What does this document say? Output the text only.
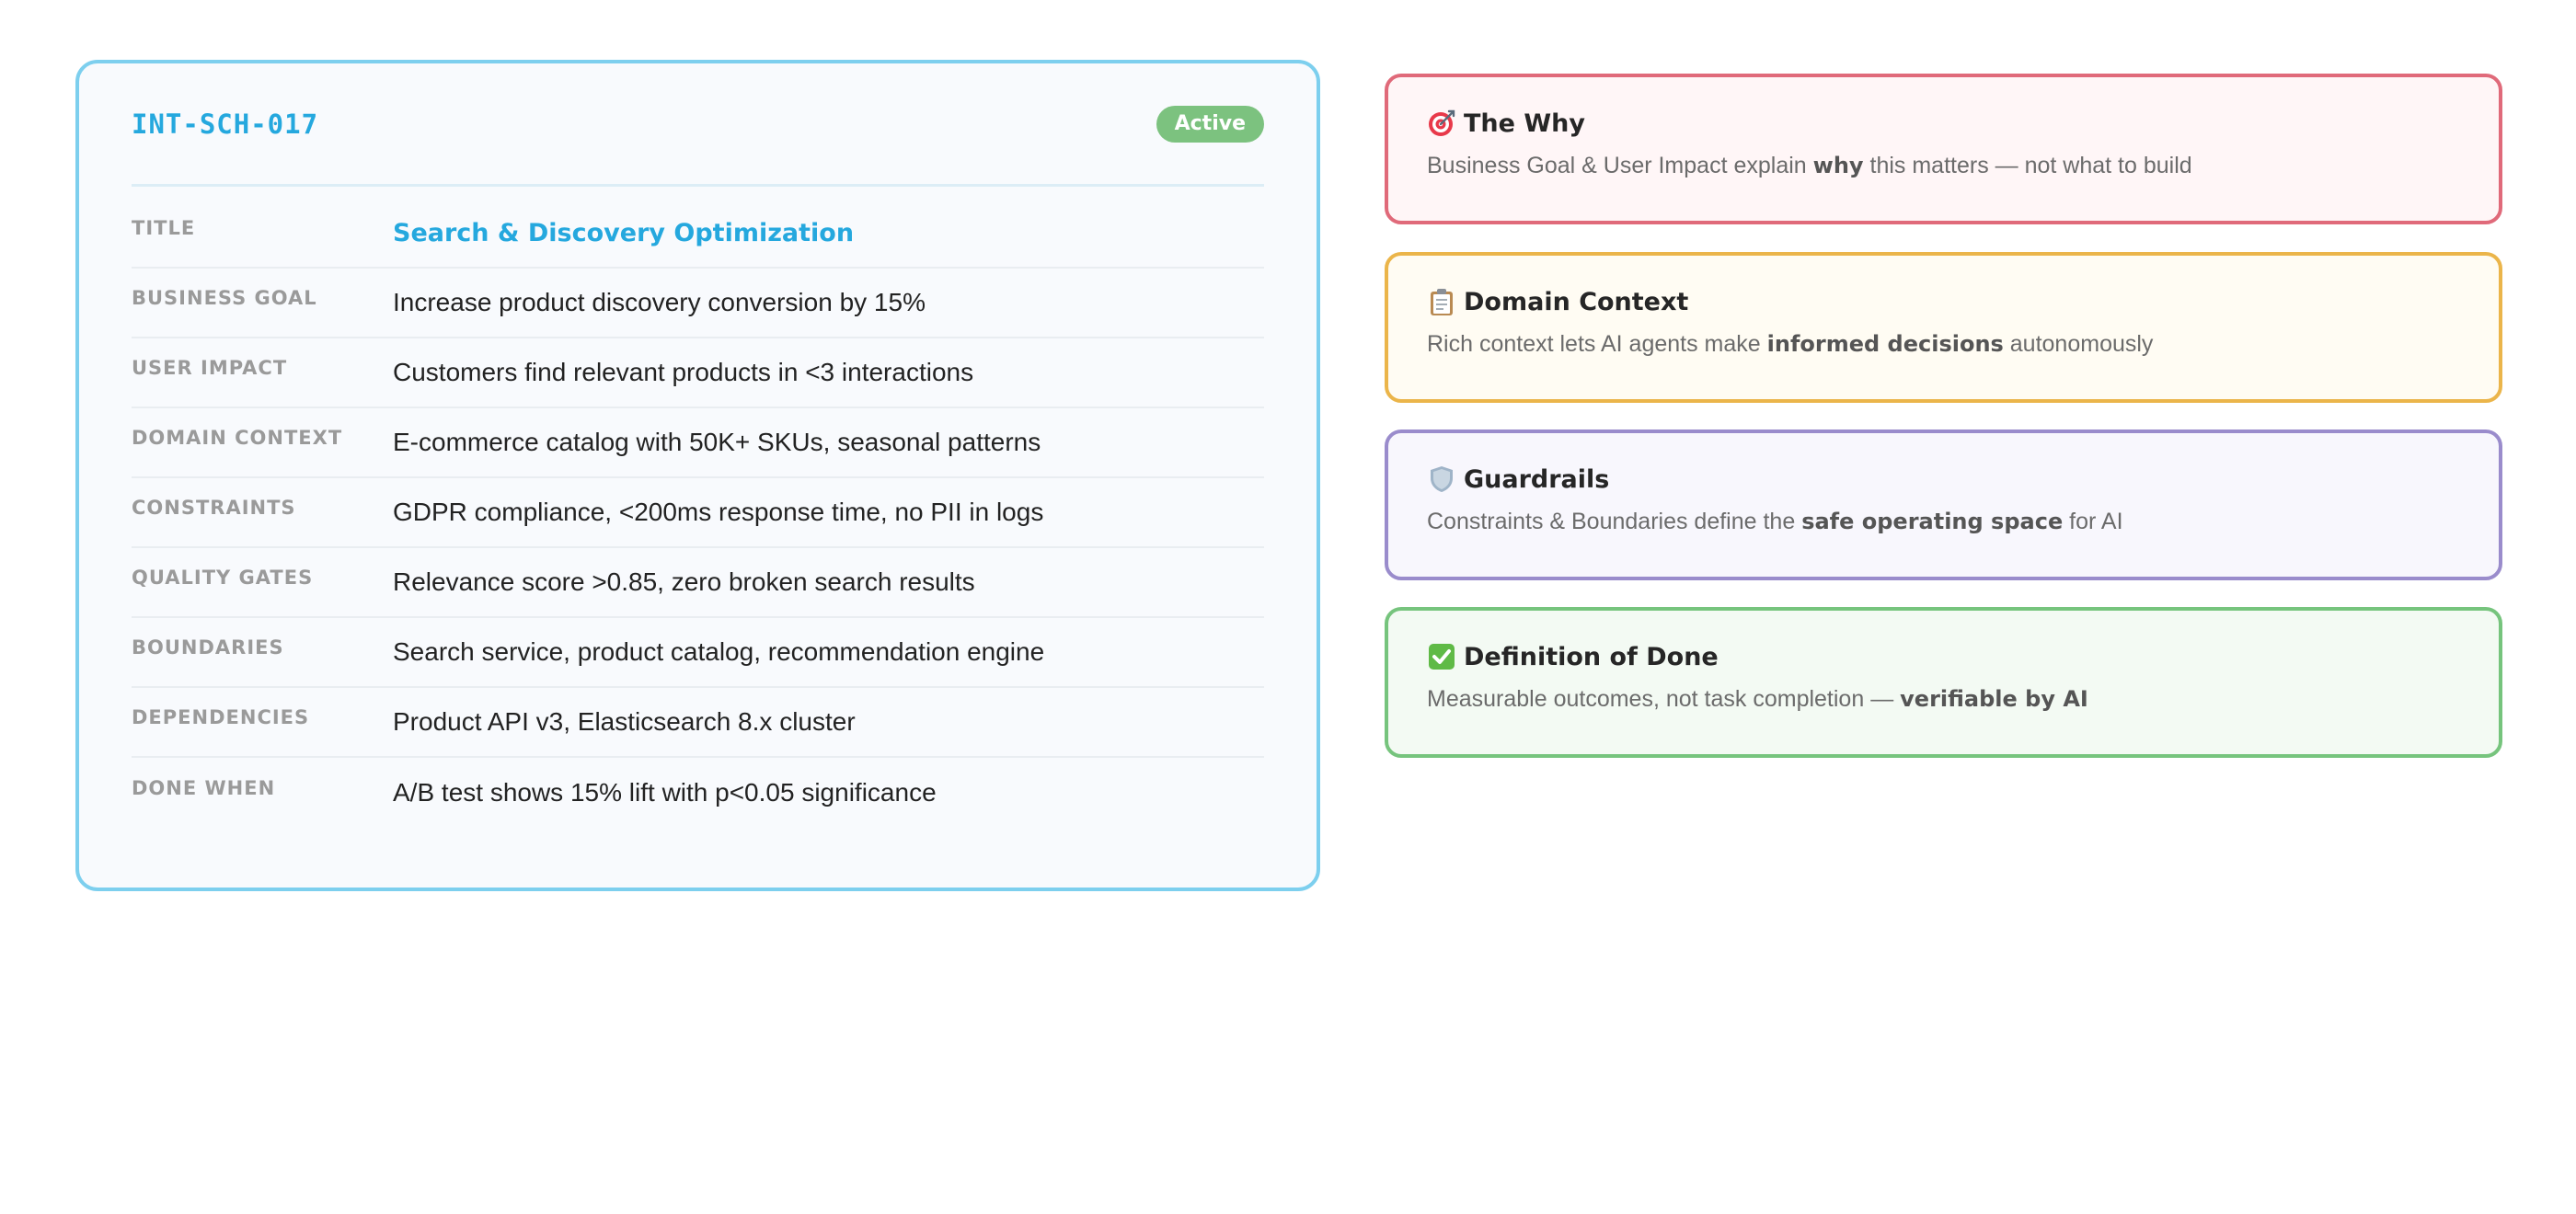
INT-SCH-017	Active
TITLE	Search & Discovery Optimization
BUSINESS GOAL	Increase product discovery conversion by 15%
USER IMPACT	Customers find relevant products in <3 interactions
DOMAIN CONTEXT	E-commerce catalog with 50K+ SKUs, seasonal patterns
CONSTRAINTS	GDPR compliance, <200ms response time, no PII in logs
QUALITY GATES	Relevance score >0.85, zero broken search results
BOUNDARIES	Search service, product catalog, recommendation engine
DEPENDENCIES	Product API v3, Elasticsearch 8.x cluster
DONE WHEN	A/B test shows 15% lift with p<0.05 significance
The Why
Business Goal & User Impact explain why this matters — not what to build
Domain Context
Rich context lets AI agents make informed decisions autonomously
Guardrails
Constraints & Boundaries define the safe operating space for AI
Definition of Done
Measurable outcomes, not task completion — verifiable by AI
